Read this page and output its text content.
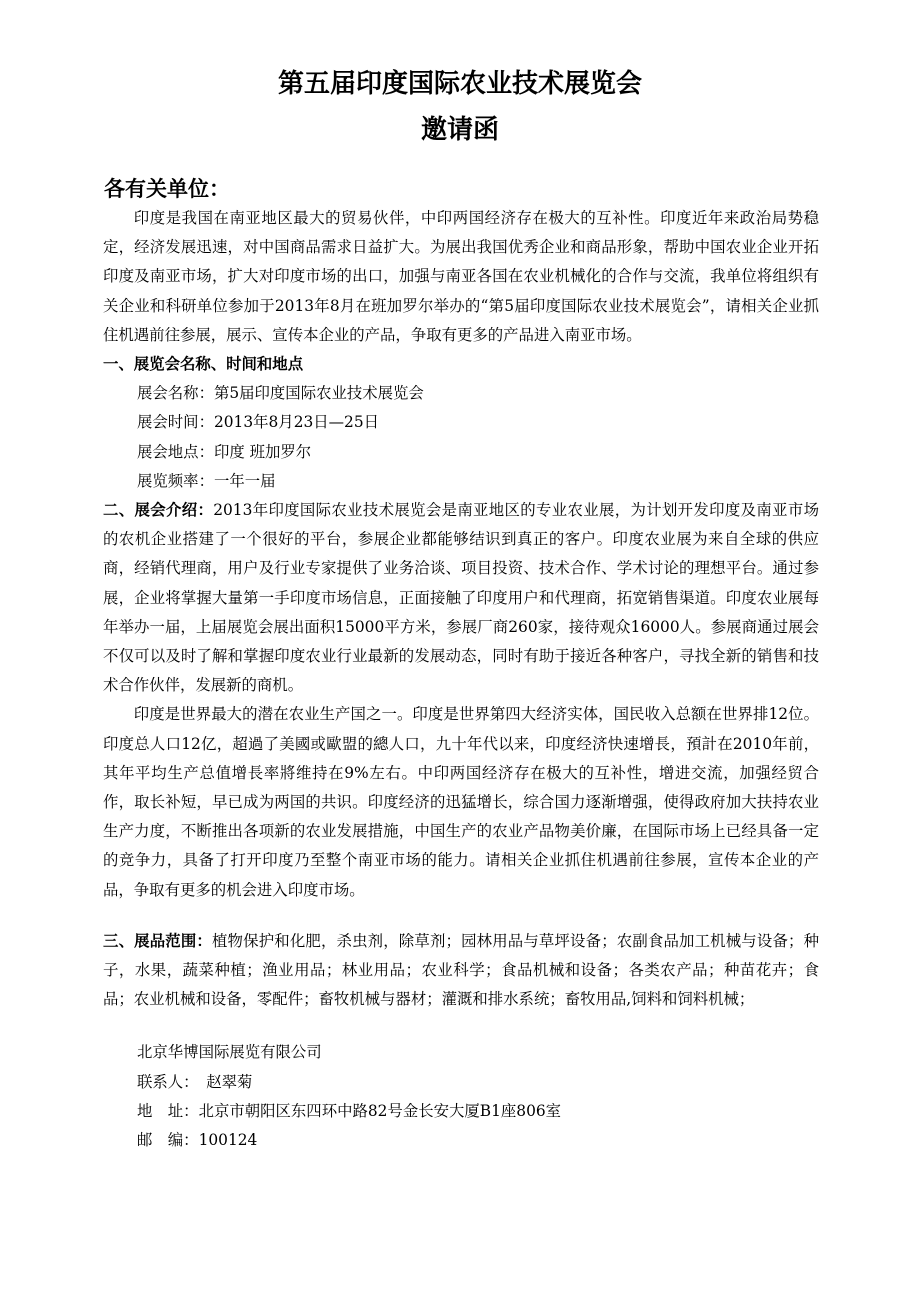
第五届印度国际农业技术展览会
邀请函

各有关单位：

印度是我国在南亚地区最大的贸易伙伴，中印两国经济存在极大的互补性。印度近年来政治局势稳定，经济发展迅速，对中国商品需求日益扩大。为展出我国优秀企业和商品形象，帮助中国农业企业开拓印度及南亚市场，扩大对印度市场的出口，加强与南亚各国在农业机械化的合作与交流，我单位将组织有关企业和科研单位参加于2013年8月在班加罗尔举办的“第5届印度国际农业技术展览会”，请相关企业抓住机遇前往参展，展示、宣传本企业的产品，争取有更多的产品进入南亚市场。

一、展览会名称、时间和地点

展会名称：第5届印度国际农业技术展览会

展会时间：2013年8月23日—25日

展会地点：印度 班加罗尔

展览频率：一年一届

二、展会介绍：2013年印度国际农业技术展览会是南亚地区的专业农业展，为计划开发印度及南亚市场的农机企业搭建了一个很好的平台，参展企业都能够结识到真正的客户。印度农业展为来自全球的供应商，经销代理商，用户及行业专家提供了业务洽谈、项目投资、技术合作、学术讨论的理想平台。通过参展，企业将掌握大量第一手印度市场信息，正面接触了印度用户和代理商，拓宽销售渠道。印度农业展每年举办一届，上届展览会展出面积15000平方米，参展厂商260家，接待观众16000人。参展商通过展会不仅可以及时了解和掌握印度农业行业最新的发展动态，同时有助于接近各种客户，寻找全新的销售和技术合作伙伴，发展新的商机。

印度是世界最大的潜在农业生产国之一。印度是世界第四大经济实体，国民收入总额在世界排12位。印度总人口12亿，超過了美國或歐盟的總人口，九十年代以来，印度经济快速增長，預計在2010年前，其年平均生产总值增長率將维持在9%左右。中印两国经济存在极大的互补性，增进交流，加强经贸合作，取长补短，早已成为两国的共识。印度经济的迅猛增长，综合国力逐渐增强，使得政府加大扶持农业生产力度，不断推出各项新的农业发展措施，中国生产的农业产品物美价廉，在国际市场上已经具备一定的竞争力，具备了打开印度乃至整个南亚市场的能力。请相关企业抓住机遇前往参展，宣传本企业的产品，争取有更多的机会进入印度市场。

三、展品范围：植物保护和化肥，杀虫剂，除草剂；园林用品与草坪设备；农副食品加工机械与设备；种子，水果，蔬菜种植；渔业用品；林业用品；农业科学；食品机械和设备；各类农产品；种苗花卉；食品；农业机械和设备，零配件；畜牧机械与器材；灌溉和排水系统；畜牧用品,饲料和饲料机械；

北京华博国际展览有限公司

联系人：　赵翠菊

地　址：北京市朝阳区东四环中路82号金长安大厦B1座806室

邮　编：100124
